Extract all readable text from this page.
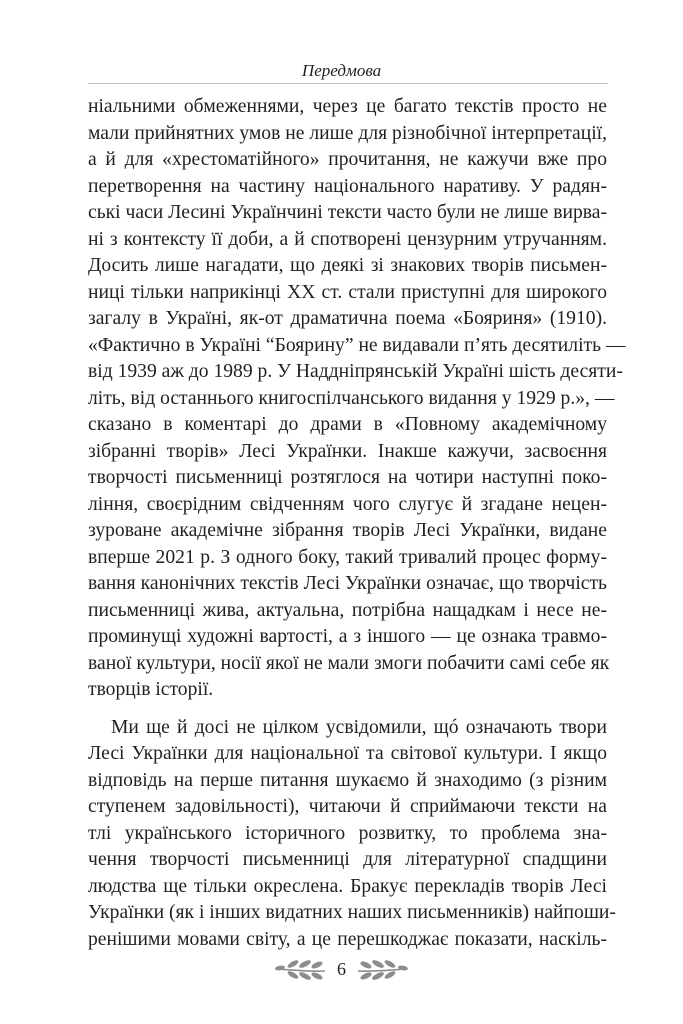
Передмова
ніальними обмеженнями, через це багато текстів просто не
мали прийнятних умов не лише для різнобічної інтерпретації,
а й для «хрестоматійного» прочитання, не кажучи вже про
перетворення на частину національного наративу. У радян-
ські часи Лесині Українчині тексти часто були не лише вирва-
ні з контексту її доби, а й спотворені цензурним утручанням.
Досить лише нагадати, що деякі зі знакових творів письмен-
ниці тільки наприкінці ХХ ст. стали приступні для широкого
загалу в Україні, як-от драматична поема «Бояриня» (1910).
«Фактично в Україні “Боярину” не видавали п’ять десятиліть —
від 1939 аж до 1989 р. У Наддніпрянській Україні шість десяти-
літь, від останнього книгоспілчанського видання у 1929 р.», —
сказано в коментарі до драми в «Повному академічному
зібранні творів» Лесі Українки. Інакше кажучи, засвоєння
творчості письменниці розтяглося на чотири наступні поко-
ління, своєрідним свідченням чого слугує й згадане нецен-
зуроване академічне зібрання творів Лесі Українки, видане
вперше 2021 р. З одного боку, такий тривалий процес форму-
вання канонічних текстів Лесі Українки означає, що творчість
письменниці жива, актуальна, потрібна нащадкам і несе не-
проминущі художні вартості, а з іншого — це ознака травмо-
ваної культури, носії якої не мали змоги побачити самі себе як
творців історії.
Ми ще й досі не цілком усвідомили, щó означають твори
Лесі Українки для національної та світової культури. І якщо
відповідь на перше питання шукаємо й знаходимо (з різним
ступенем задовільності), читаючи й сприймаючи тексти на
тлі українського історичного розвитку, то проблема зна-
чення творчості письменниці для літературної спадщини
людства ще тільки окреслена. Бракує перекладів творів Лесі
Українки (як і інших видатних наших письменників) найпоши-
ренішими мовами світу, а це перешкоджає показати, наскіль-
6
